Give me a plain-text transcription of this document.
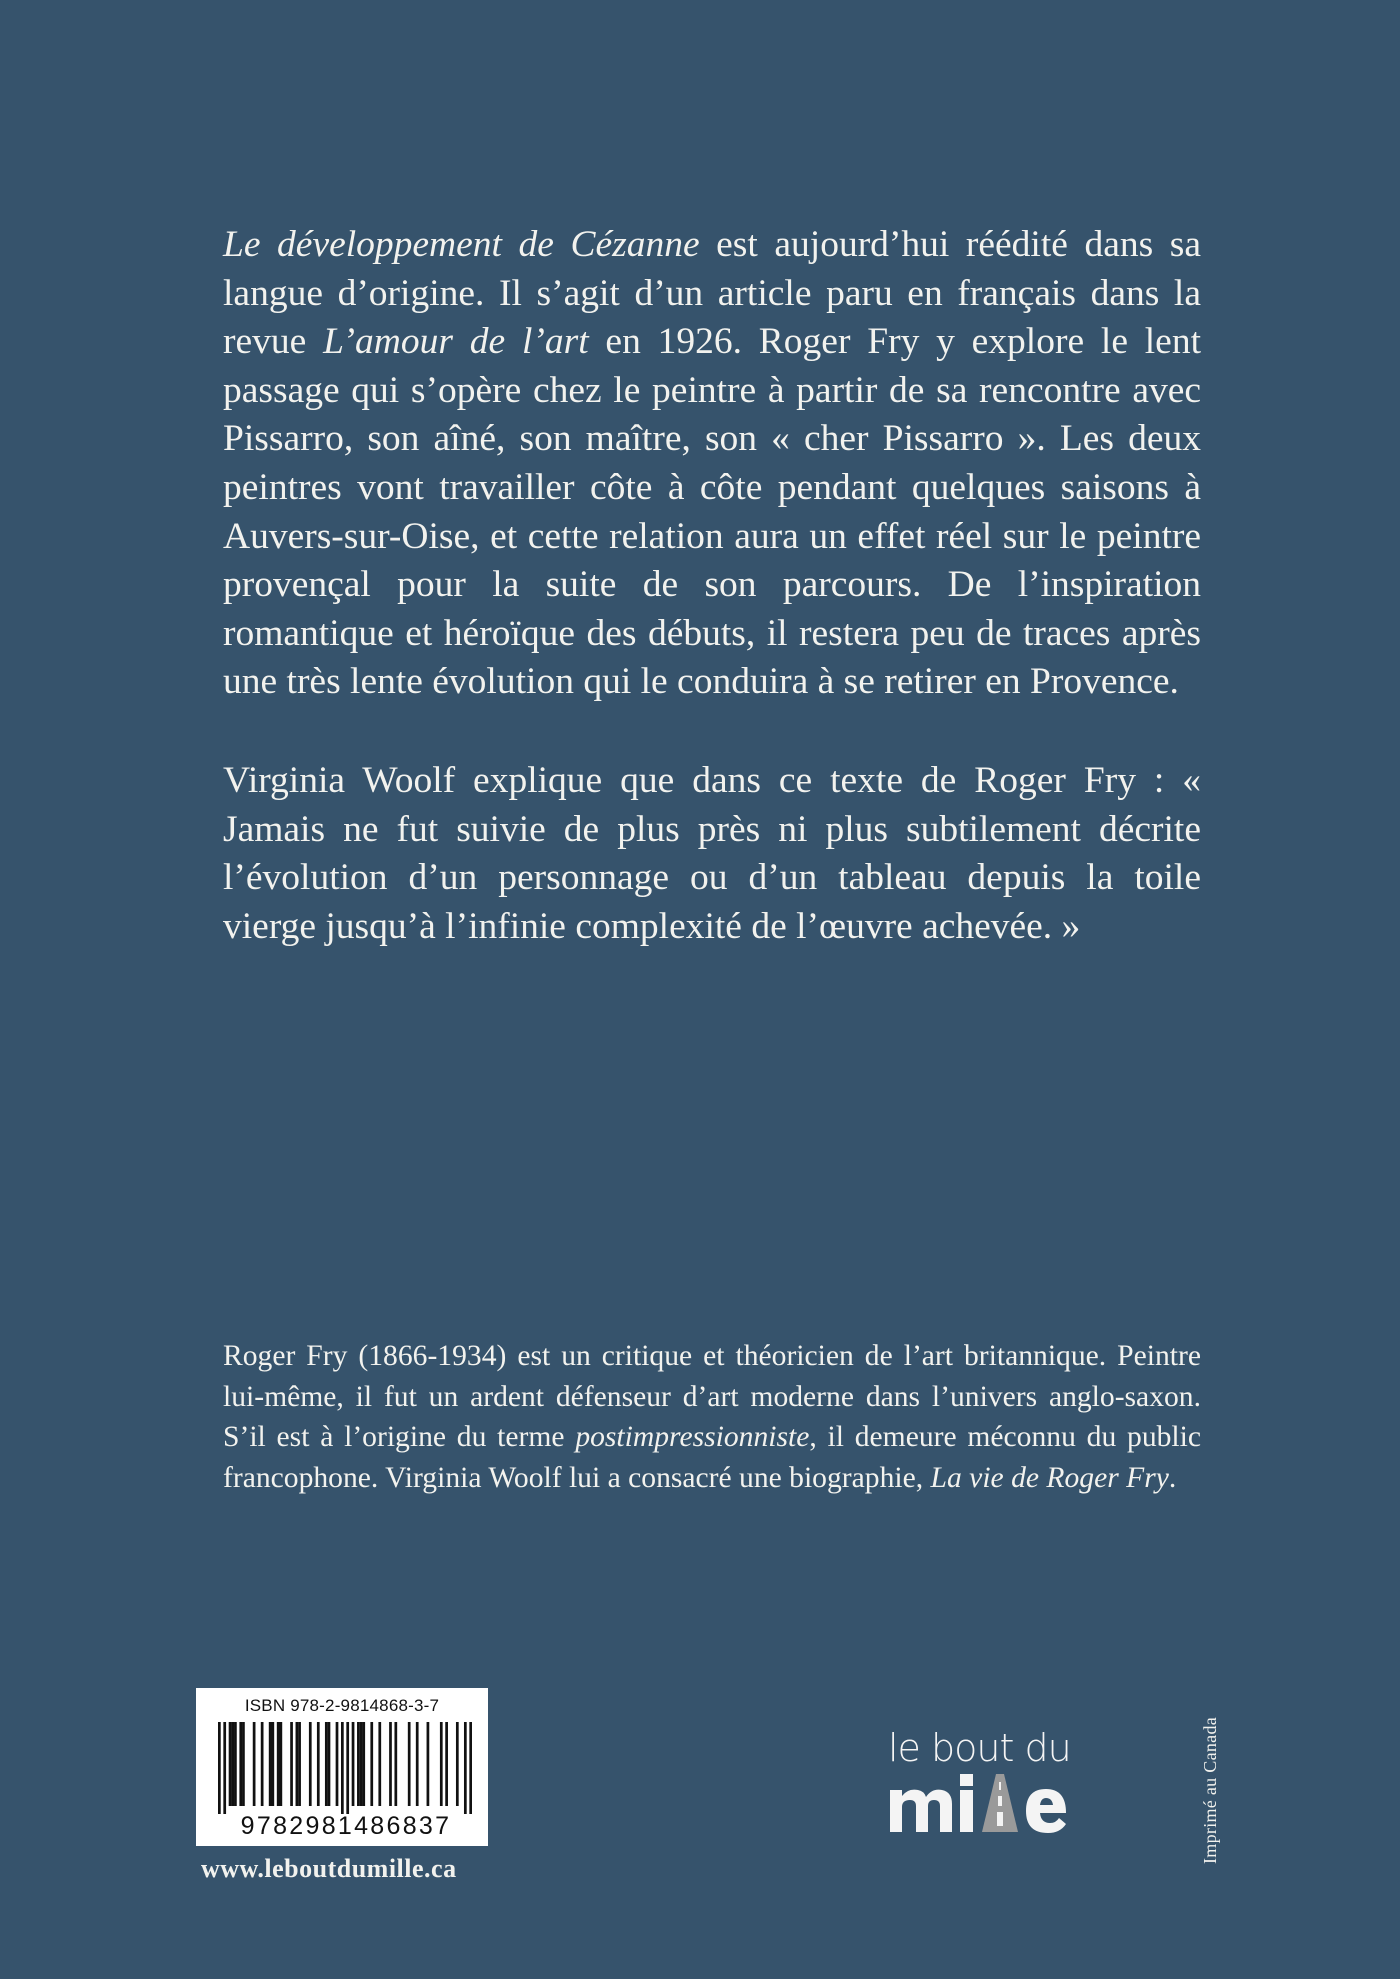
Le développement de Cézanne est aujourd’hui réédité dans sa langue d’origine. Il s’agit d’un article paru en français dans la revue L’amour de l’art en 1926. Roger Fry y explore le lent passage qui s’opère chez le peintre à partir de sa rencontre avec Pissarro, son aîné, son maître, son « cher Pissarro ». Les deux peintres vont travailler côte à côte pendant quelques saisons à Auvers-sur-Oise, et cette relation aura un effet réel sur le peintre provençal pour la suite de son parcours. De l’inspiration romantique et héroïque des débuts, il restera peu de traces après une très lente évolution qui le conduira à se retirer en Provence.

Virginia Woolf explique que dans ce texte de Roger Fry : « Jamais ne fut suivie de plus près ni plus subtilement décrite l’évolution d’un personnage ou d’un tableau depuis la toile vierge jusqu’à l’infinie complexité de l’œuvre achevée. »

Roger Fry (1866-1934) est un critique et théoricien de l’art britannique. Peintre lui-même, il fut un ardent défenseur d’art moderne dans l’univers anglo-saxon. S’il est à l’origine du terme postimpressionniste, il demeure méconnu du public francophone. Virginia Woolf lui a consacré une biographie, La vie de Roger Fry.

ISBN 978-2-9814868-3-7
9782981486837
www.leboutdumille.ca
le bout du	Imprimé au Canada
